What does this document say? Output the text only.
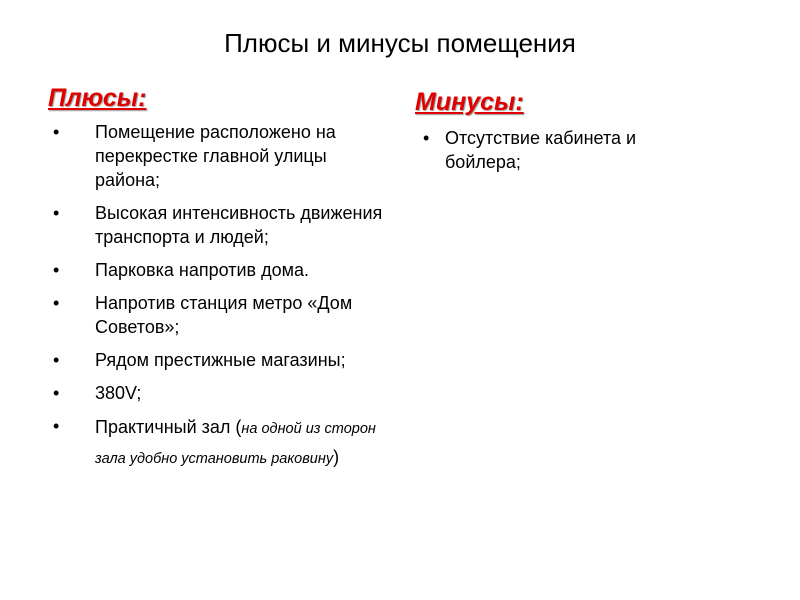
Плюсы и минусы помещения
Плюсы:
• Помещение расположено на перекрестке главной улицы района;
• Высокая интенсивность движения транспорта и людей;
• Парковка напротив дома.
• Напротив станция метро «Дом Советов»;
• Рядом престижные магазины;
• 380V;
• Практичный зал (на одной из сторон зала удобно установить раковину)
Минусы:
• Отсутствие кабинета и бойлера;
